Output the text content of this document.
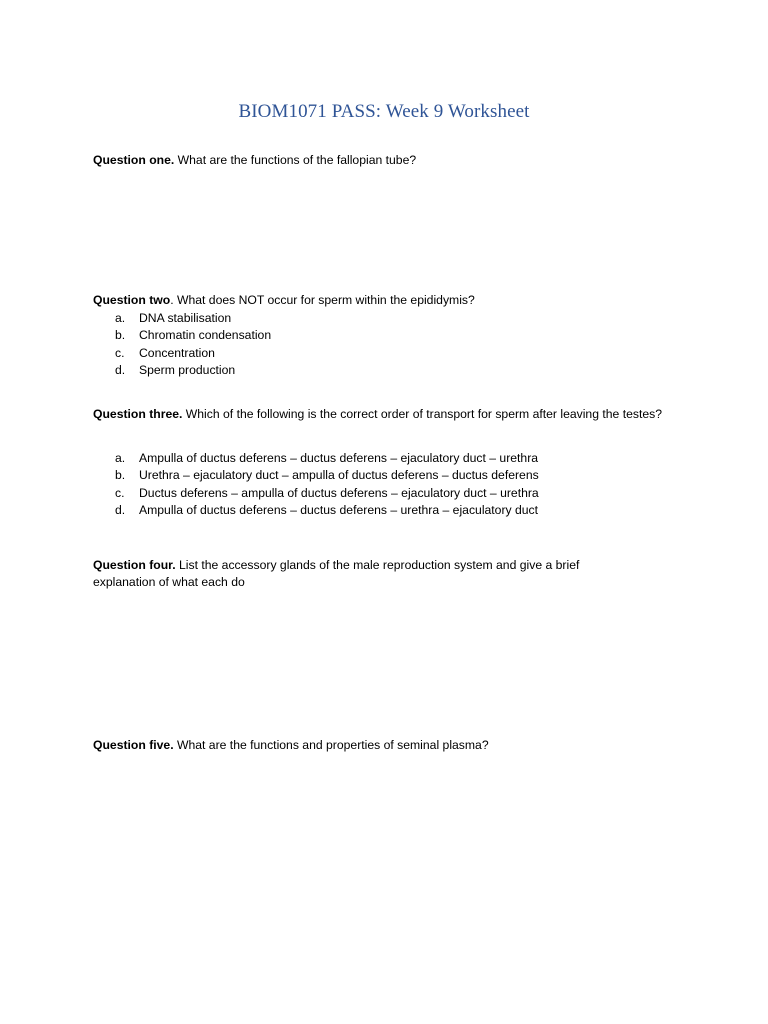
BIOM1071 PASS: Week 9 Worksheet
Question one. What are the functions of the fallopian tube?
Question two. What does NOT occur for sperm within the epididymis?
a. DNA stabilisation
b. Chromatin condensation
c. Concentration
d. Sperm production
Question three. Which of the following is the correct order of transport for sperm after leaving the testes?
a. Ampulla of ductus deferens – ductus deferens – ejaculatory duct – urethra
b. Urethra – ejaculatory duct – ampulla of ductus deferens – ductus deferens
c. Ductus deferens – ampulla of ductus deferens – ejaculatory duct – urethra
d. Ampulla of ductus deferens – ductus deferens – urethra – ejaculatory duct
Question four. List the accessory glands of the male reproduction system and give a brief explanation of what each do
Question five. What are the functions and properties of seminal plasma?
